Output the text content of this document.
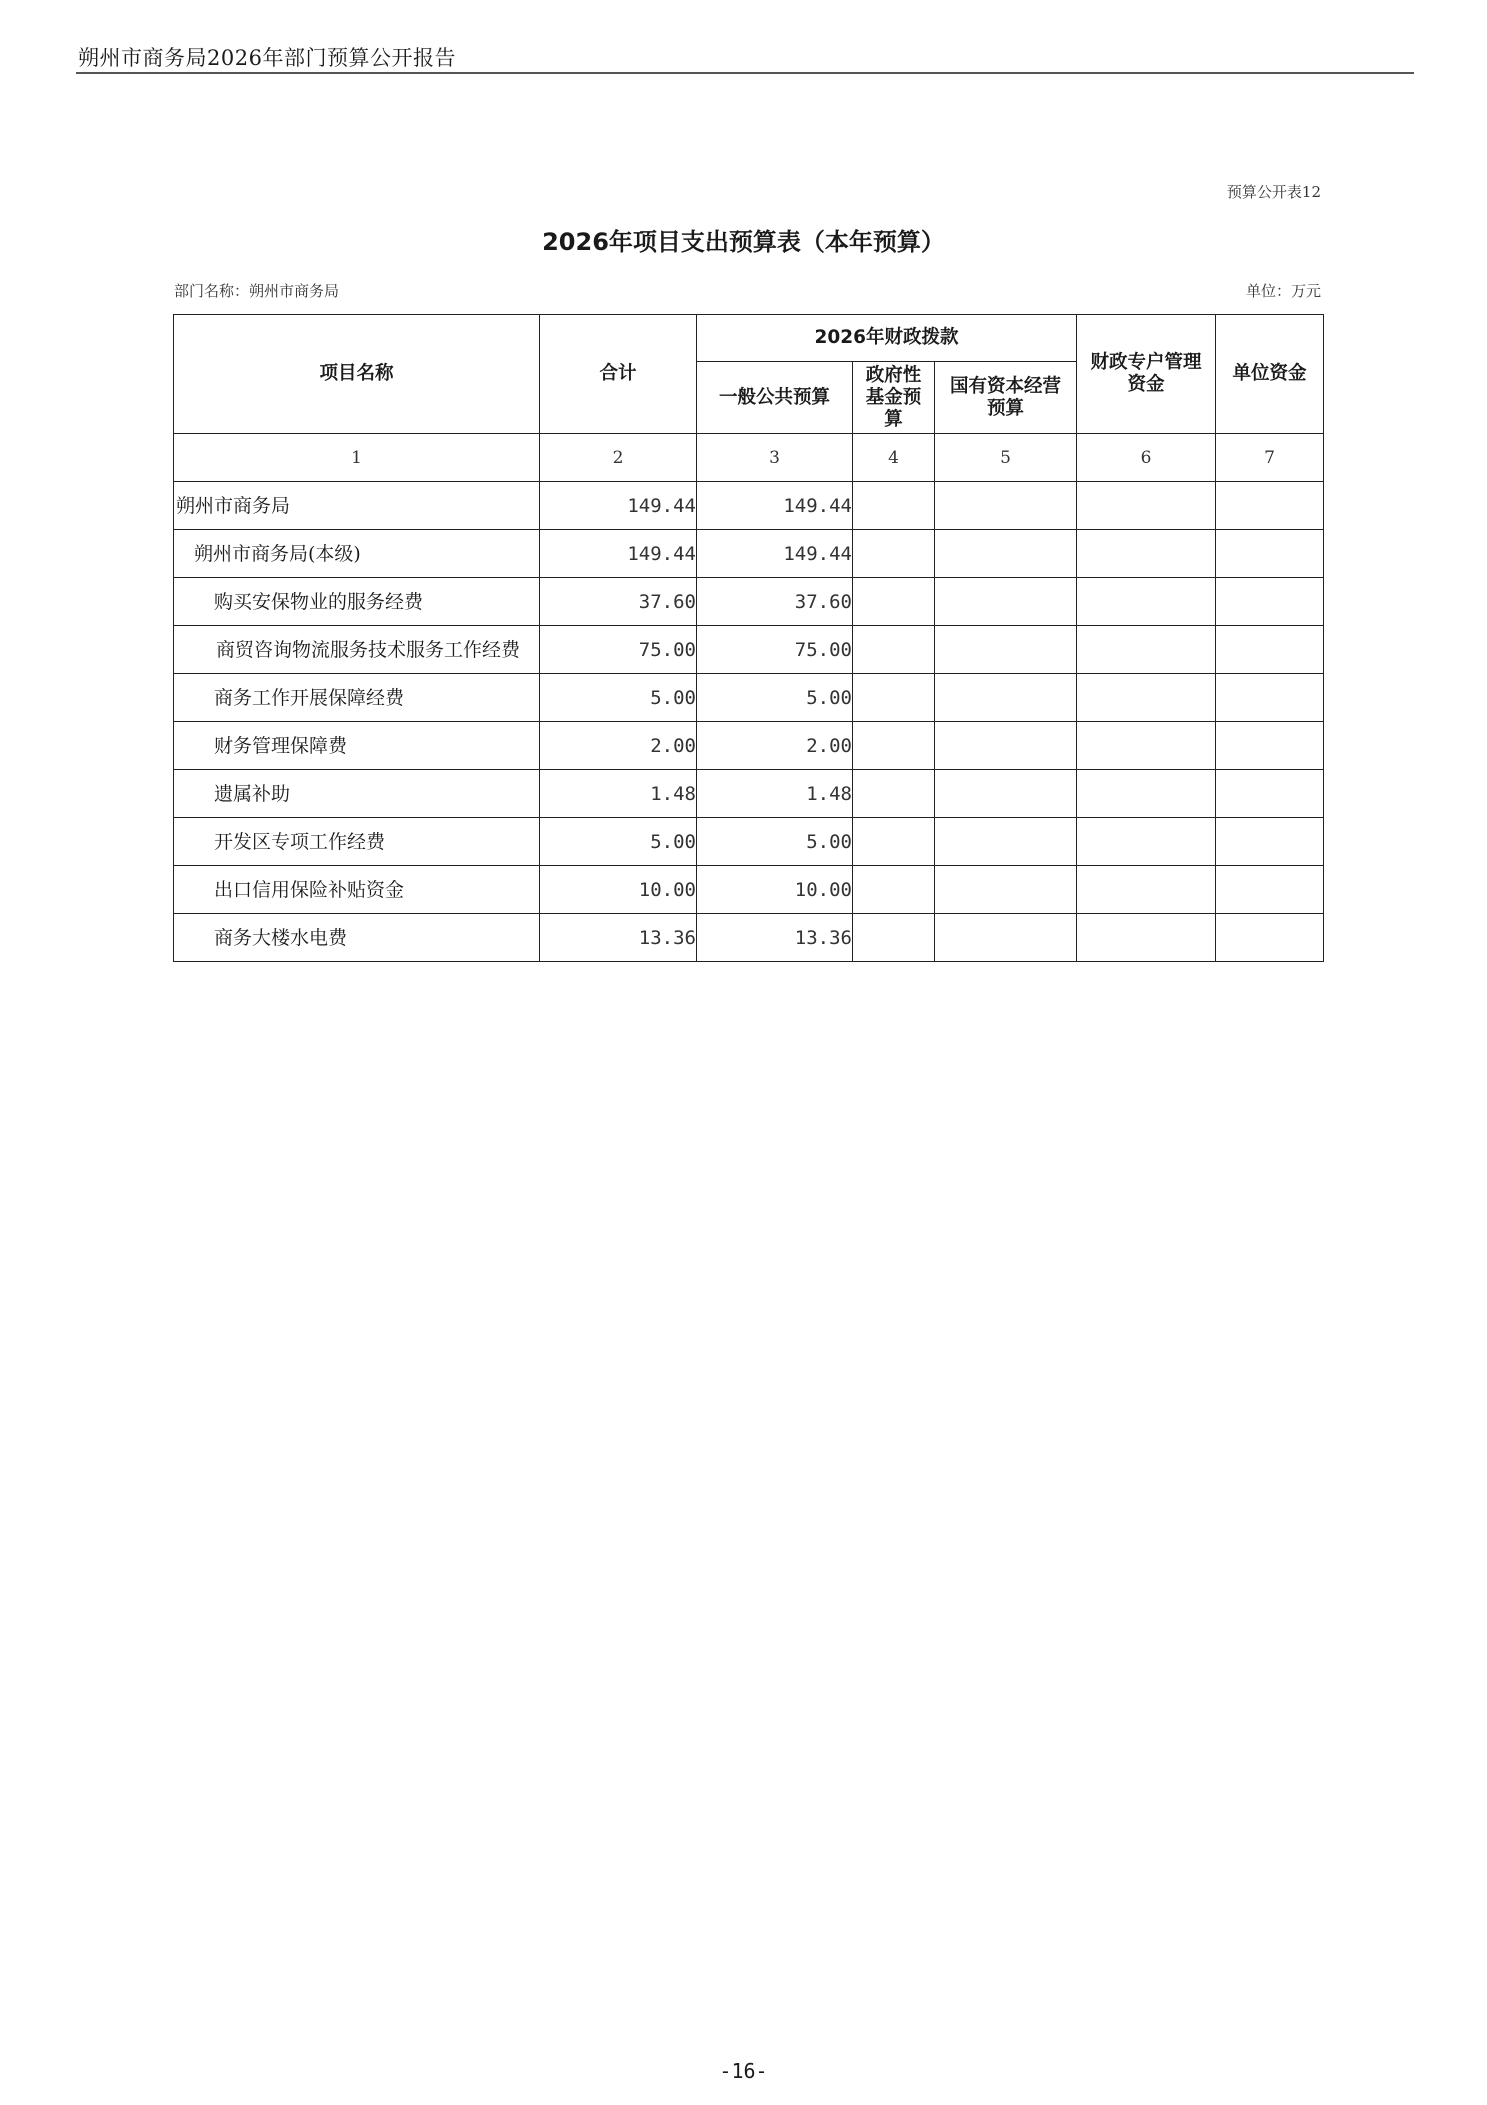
朔州市商务局2026年部门预算公开报告
预算公开表12
2026年项目支出预算表（本年预算）
部门名称：朔州市商务局	单位：万元
项目名称	合计	2026年财政拨款			财政专户管理资金	单位资金
		一般公共预算	政府性基金预算	国有资本经营预算		
1	2	3	4	5	6	7
朔州市商务局	149.44	149.44				
朔州市商务局(本级)	149.44	149.44				
购买安保物业的服务经费	37.60	37.60				
商贸咨询物流服务技术服务工作经费	75.00	75.00				
商务工作开展保障经费	5.00	5.00				
财务管理保障费	2.00	2.00				
遗属补助	1.48	1.48				
开发区专项工作经费	5.00	5.00				
出口信用保险补贴资金	10.00	10.00				
商务大楼水电费	13.36	13.36				
-16-
